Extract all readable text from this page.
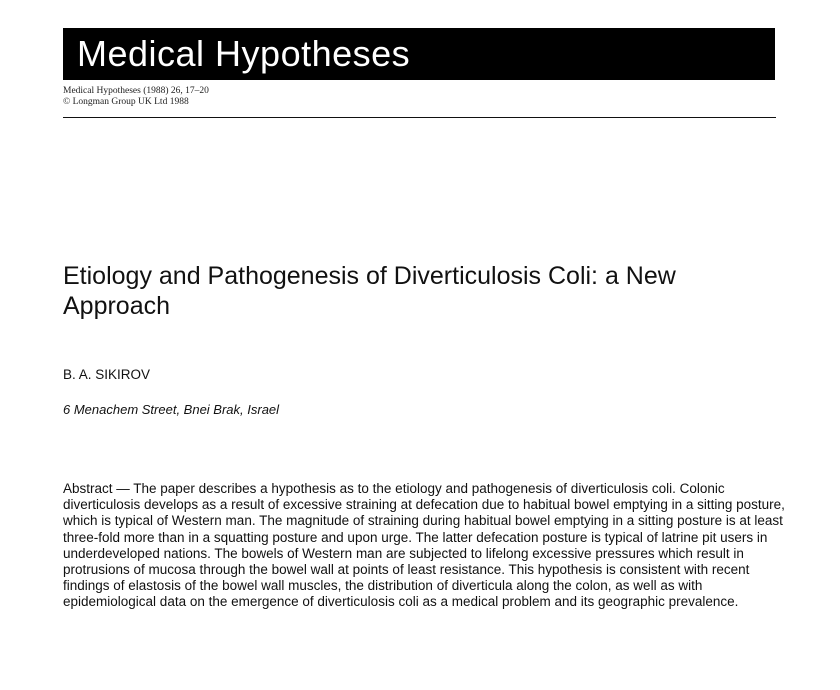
Medical Hypotheses
Medical Hypotheses (1988) 26, 17–20
© Longman Group UK Ltd 1988
Etiology and Pathogenesis of Diverticulosis Coli: a New Approach
B. A. SIKIROV
6 Menachem Street, Bnei Brak, Israel

Abstract — The paper describes a hypothesis as to the etiology and pathogenesis of diverticulosis coli. Colonic diverticulosis develops as a result of excessive straining at defecation due to habitual bowel emptying in a sitting posture, which is typical of Western man. The magnitude of straining during habitual bowel emptying in a sitting posture is at least three-fold more than in a squatting posture and upon urge. The latter defecation posture is typical of latrine pit users in underdeveloped nations. The bowels of Western man are subjected to lifelong excessive pressures which result in protrusions of mucosa through the bowel wall at points of least resistance. This hypothesis is consistent with recent findings of elastosis of the bowel wall muscles, the distribution of diverticula along the colon, as well as with epidemiological data on the emergence of diverticulosis coli as a medical problem and its geographic prevalence.
